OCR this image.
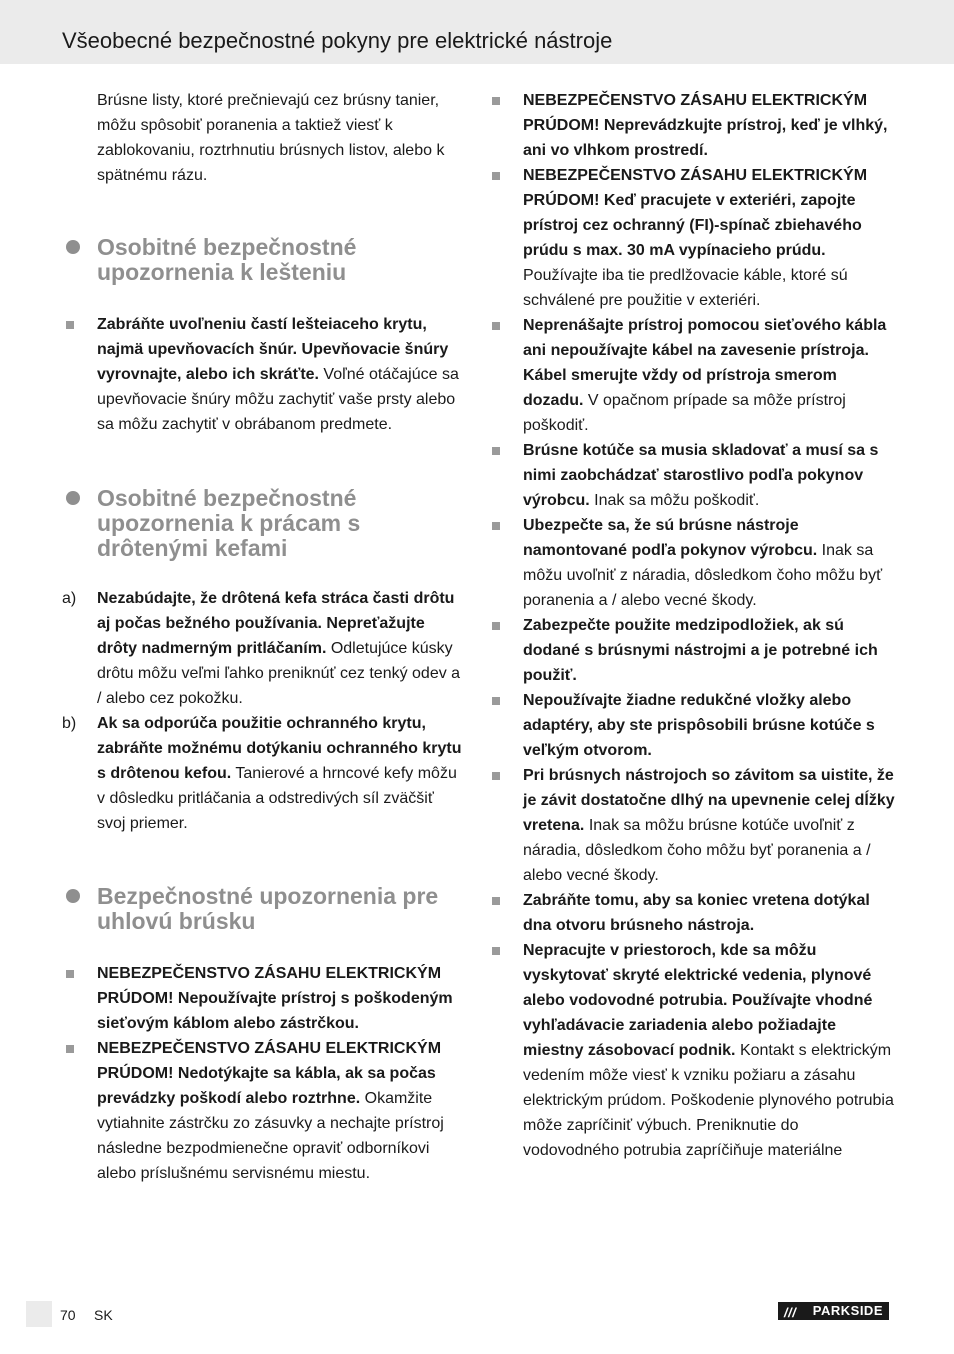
Všeobecné bezpečnostné pokyny pre elektrické nástroje

Brúsne listy, ktoré prečnievajú cez brúsny tanier, môžu spôsobiť poranenia a taktiež viesť k zablokovaniu, roztrhnutiu brúsnych listov, alebo k spätnému rázu.

Osobitné bezpečnostné upozornenia k lešteniu
Zabráňte uvoľneniu častí lešteiaceho krytu, najmä upevňovacích šnúr. Upevňovacie šnúry vyrovnajte, alebo ich skráťte. Voľné otáčajúce sa upevňovacie šnúry môžu zachytiť vaše prsty alebo sa môžu zachytiť v obrábanom predmete.
Osobitné bezpečnostné upozornenia k prácam s drôtenými kefami
a) Nezabúdajte, že drôtená kefa stráca časti drôtu aj počas bežného používania. Nepreťažujte drôty nadmerným pritláčaním. Odletujúce kúsky drôtu môžu veľmi ľahko preniknúť cez tenký odev a / alebo cez pokožku.
b) Ak sa odporúča použitie ochranného krytu, zabráňte možnému dotýkaniu ochranného krytu s drôtenou kefou. Tanierové a hrncové kefy môžu v dôsledku pritláčania a odstredivých síl zväčšiť svoj priemer.
Bezpečnostné upozornenia pre uhlovú brúsku
NEBEZPEČENSTVO ZÁSAHU ELEKTRICKÝM PRÚDOM! Nepoužívajte prístroj s poškodeným sieťovým káblom alebo zástrčkou.
NEBEZPEČENSTVO ZÁSAHU ELEKTRICKÝM PRÚDOM! Nedotýkajte sa kábla, ak sa počas prevádzky poškodí alebo roztrhne. Okamžite vytiahnite zástrčku zo zásuvky a nechajte prístroj následne bezpodmienečne opraviť odborníkovi alebo príslušnému servisnému miestu.
NEBEZPEČENSTVO ZÁSAHU ELEKTRICKÝM PRÚDOM! Neprevádzkujte prístroj, keď je vlhký, ani vo vlhkom prostredí.
NEBEZPEČENSTVO ZÁSAHU ELEKTRICKÝM PRÚDOM! Keď pracujete v exteriéri, zapojte prístroj cez ochranný (FI)-spínač zbiehavého prúdu s max. 30 mA vypínacieho prúdu. Používajte iba tie predlžovacie káble, ktoré sú schválené pre použitie v exteriéri.
Neprenášajte prístroj pomocou sieťového kábla ani nepoužívajte kábel na zavesenie prístroja. Kábel smerujte vždy od prístroja smerom dozadu. V opačnom prípade sa môže prístroj poškodiť.
Brúsne kotúče sa musia skladovať a musí sa s nimi zaobchádzať starostlivo podľa pokynov výrobcu. Inak sa môžu poškodiť.
Ubezpečte sa, že sú brúsne nástroje namontované podľa pokynov výrobcu. Inak sa môžu uvoľniť z náradia, dôsledkom čoho môžu byť poranenia a / alebo vecné škody.
Zabezpečte použite medzipodložiek, ak sú dodané s brúsnymi nástrojmi a je potrebné ich použiť.
Nepoužívajte žiadne redukčné vložky alebo adaptéry, aby ste prispôsobili brúsne kotúče s veľkým otvorom.
Pri brúsnych nástrojoch so závitom sa uistite, že je závit dostatočne dlhý na upevnenie celej dĺžky vretena. Inak sa môžu brúsne kotúče uvoľniť z náradia, dôsledkom čoho môžu byť poranenia a / alebo vecné škody.
Zabráňte tomu, aby sa koniec vretena dotýkal dna otvoru brúsneho nástroja.
Nepracujte v priestoroch, kde sa môžu vyskytovať skryté elektrické vedenia, plynové alebo vodovodné potrubia. Používajte vhodné vyhľadávacie zariadenia alebo požiadajte miestny zásobovací podnik. Kontakt s elektrickým vedením môže viesť k vzniku požiaru a zásahu elektrickým prúdom. Poškodenie plynového potrubia môže zapríčiniť výbuch. Preniknutie do vodovodného potrubia zapríčiňuje materiálne
70 SK	/// PARKSIDE
